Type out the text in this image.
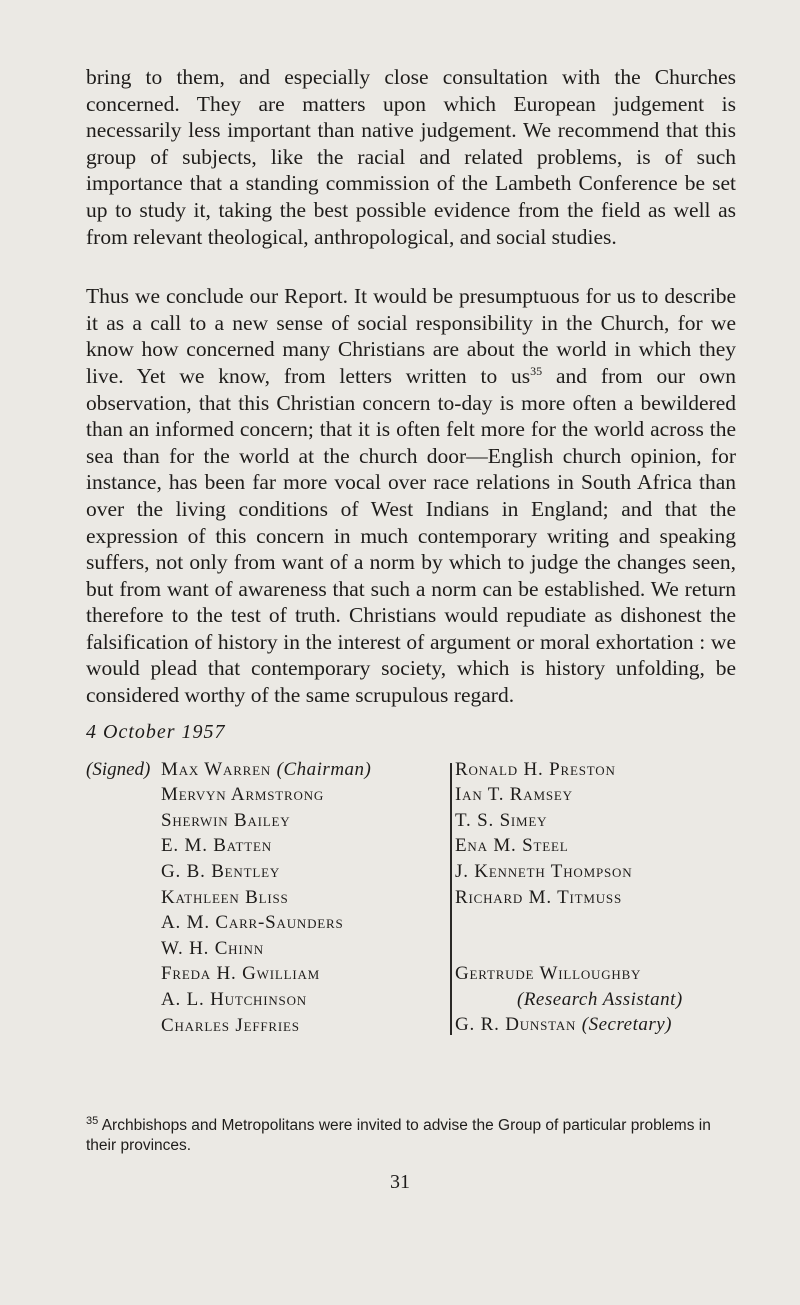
bring to them, and especially close consultation with the Churches concerned. They are matters upon which European judgement is necessarily less important than native judgement. We recommend that this group of subjects, like the racial and related problems, is of such importance that a standing commission of the Lambeth Conference be set up to study it, taking the best possible evidence from the field as well as from relevant theological, anthropological, and social studies.

Thus we conclude our Report. It would be presumptuous for us to describe it as a call to a new sense of social responsibility in the Church, for we know how concerned many Christians are about the world in which they live. Yet we know, from letters written to $us^{35}$ and from our own observation, that this Christian concern to-day is more often a bewildered than an informed concern; that it is often felt more for the world across the sea than for the world at the church door—English church opinion, for instance, has been far more vocal over race relations in South Africa than over the living conditions of West Indians in England; and that the expression of this concern in much contemporary writing and speaking suffers, not only from want of a norm by which to judge the changes seen, but from want of awareness that such a norm can be established. We return therefore to the test of truth. Christians would repudiate as dishonest the falsification of history in the interest of argument or moral exhortation : we would plead that contemporary society, which is history unfolding, be considered worthy of the same scrupulous regard.

4 October 1957
(Signed) Max Warren (Chairman)
Mervyn Armstrong
Sherwin Bailey
E. M. Batten
G. B. Bentley
Kathleen Bliss
A. M. Carr-Saunders
W. H. Chinn
Freda H. Gwilliam
A. L. Hutchinson
Charles Jeffries
Ronald H. Preston
Ian T. Ramsey
T. S. Simey
Ena M. Steel
J. Kenneth Thompson
Richard M. Titmuss
Gertrude Willoughby
(Research Assistant)
G. R. Dunstan (Secretary)
$^{35}$ Archbishops and Metropolitans were invited to advise the Group of particular problems in their provinces.
31
